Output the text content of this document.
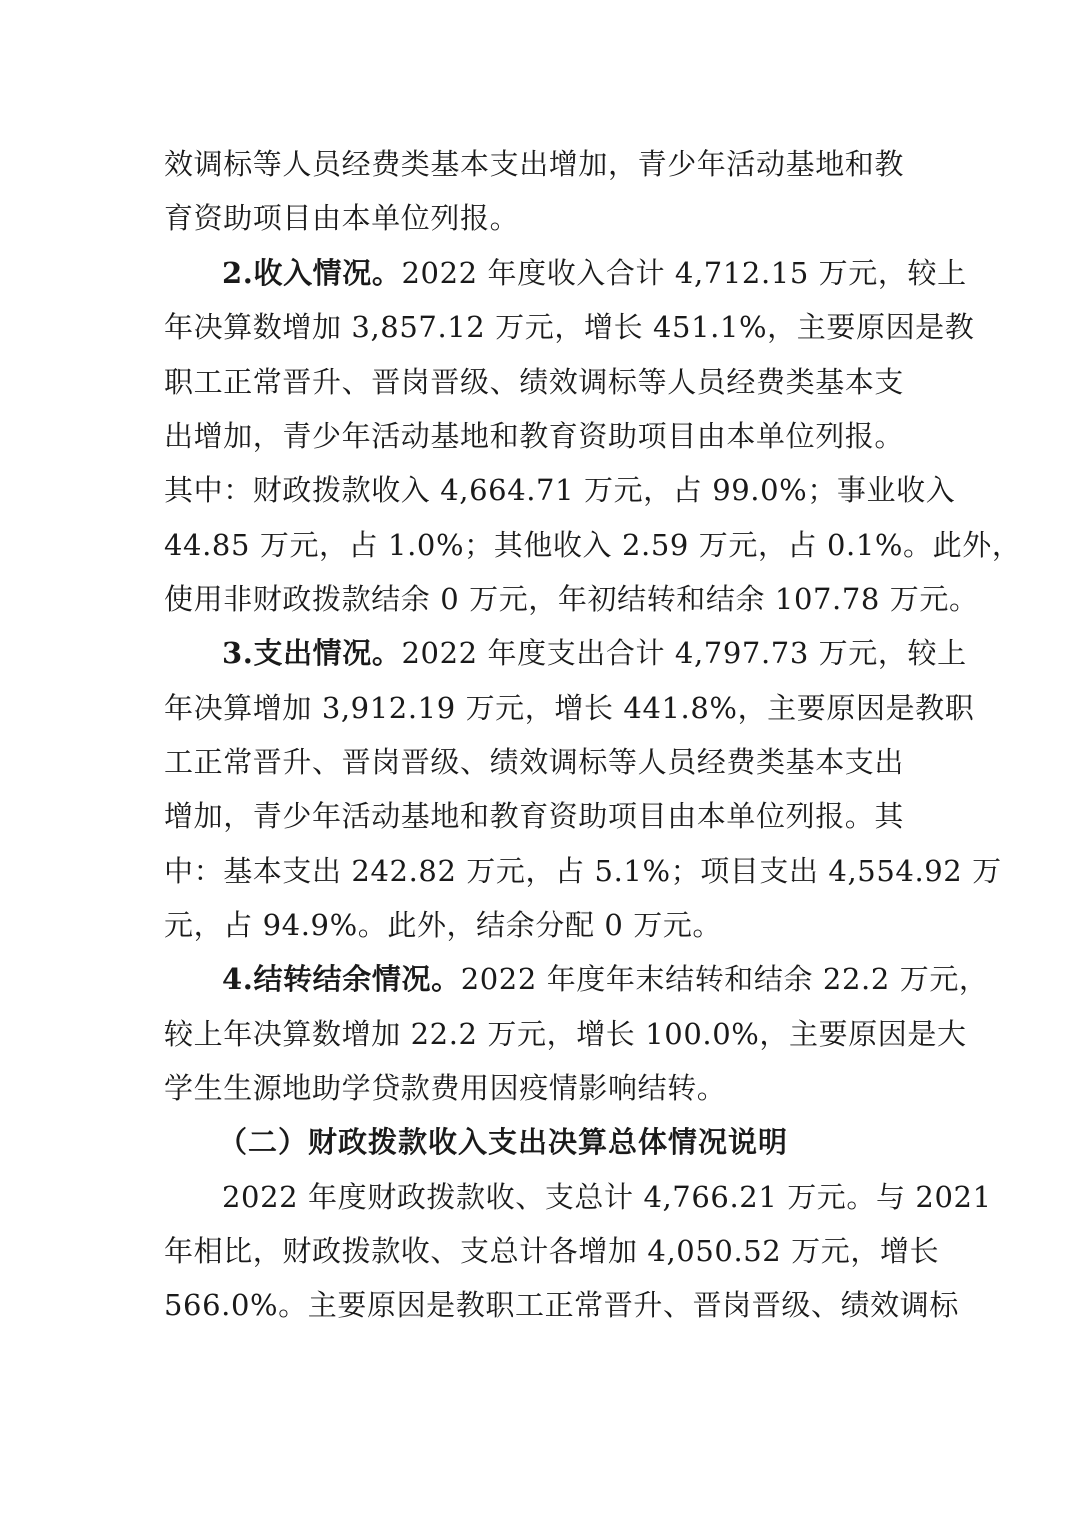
效调标等人员经费类基本支出增加，青少年活动基地和教
育资助项目由本单位列报。
2.收入情况。2022 年度收入合计 4,712.15 万元，较上
年决算数增加 3,857.12 万元，增长 451.1%，主要原因是教
职工正常晋升、晋岗晋级、绩效调标等人员经费类基本支
出增加，青少年活动基地和教育资助项目由本单位列报。
其中：财政拨款收入 4,664.71 万元，占 99.0%；事业收入
44.85 万元，占 1.0%；其他收入 2.59 万元，占 0.1%。此外，
使用非财政拨款结余 0 万元，年初结转和结余 107.78 万元。
3.支出情况。2022 年度支出合计 4,797.73 万元，较上
年决算增加 3,912.19 万元，增长 441.8%，主要原因是教职
工正常晋升、晋岗晋级、绩效调标等人员经费类基本支出
增加，青少年活动基地和教育资助项目由本单位列报。其
中：基本支出 242.82 万元，占 5.1%；项目支出 4,554.92 万
元，占 94.9%。此外，结余分配 0 万元。
4.结转结余情况。2022 年度年末结转和结余 22.2 万元，
较上年决算数增加 22.2 万元，增长 100.0%，主要原因是大
学生生源地助学贷款费用因疫情影响结转。
（二）财政拨款收入支出决算总体情况说明
2022 年度财政拨款收、支总计 4,766.21 万元。与 2021
年相比，财政拨款收、支总计各增加 4,050.52 万元，增长
566.0%。主要原因是教职工正常晋升、晋岗晋级、绩效调标
